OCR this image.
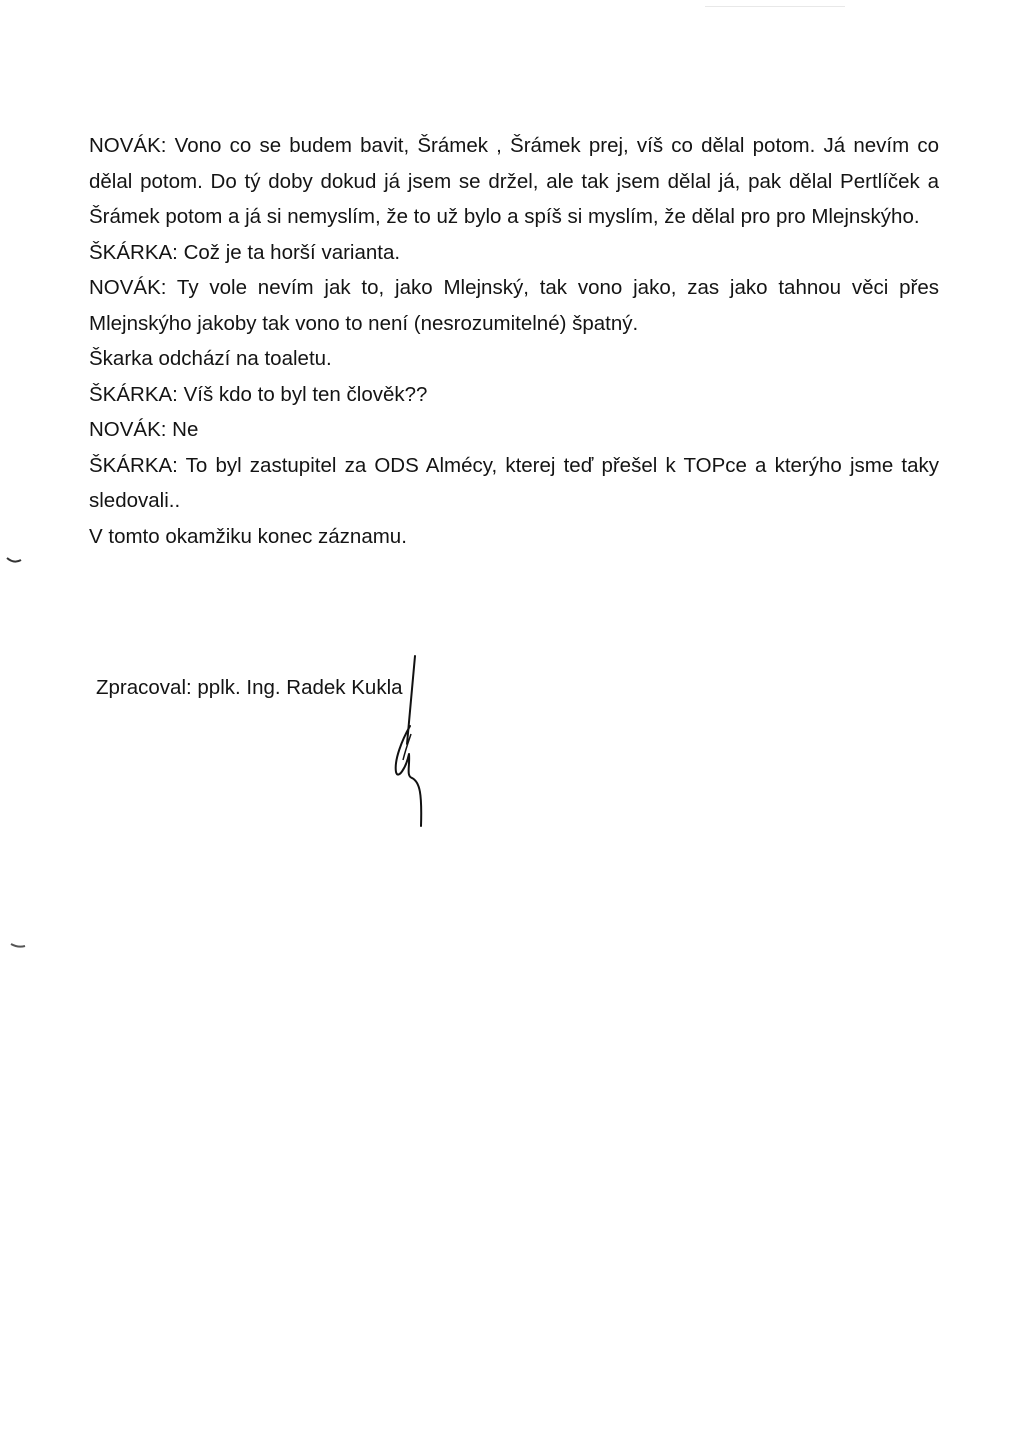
NOVÁK: Vono co se budem bavit, Šrámek , Šrámek prej, víš co dělal potom. Já nevím co dělal potom. Do tý doby dokud já jsem se držel, ale tak jsem dělal já, pak dělal Pertlíček a Šrámek potom a já si nemyslím, že to už bylo a spíš si myslím, že dělal pro pro Mlejnskýho.

ŠKÁRKA: Což je ta horší varianta.

NOVÁK: Ty vole nevím jak to, jako Mlejnský, tak vono jako, zas jako tahnou věci přes Mlejnskýho jakoby tak vono to není (nesrozumitelné) špatný.

Škarka odchází na toaletu.

ŠKÁRKA: Víš kdo to byl ten člověk??

NOVÁK: Ne

ŠKÁRKA: To byl zastupitel za ODS Almécy, kterej teď přešel k TOPce a kterýho jsme taky sledovali..

V tomto okamžiku konec záznamu.

Zpracoval: pplk. Ing. Radek Kukla
